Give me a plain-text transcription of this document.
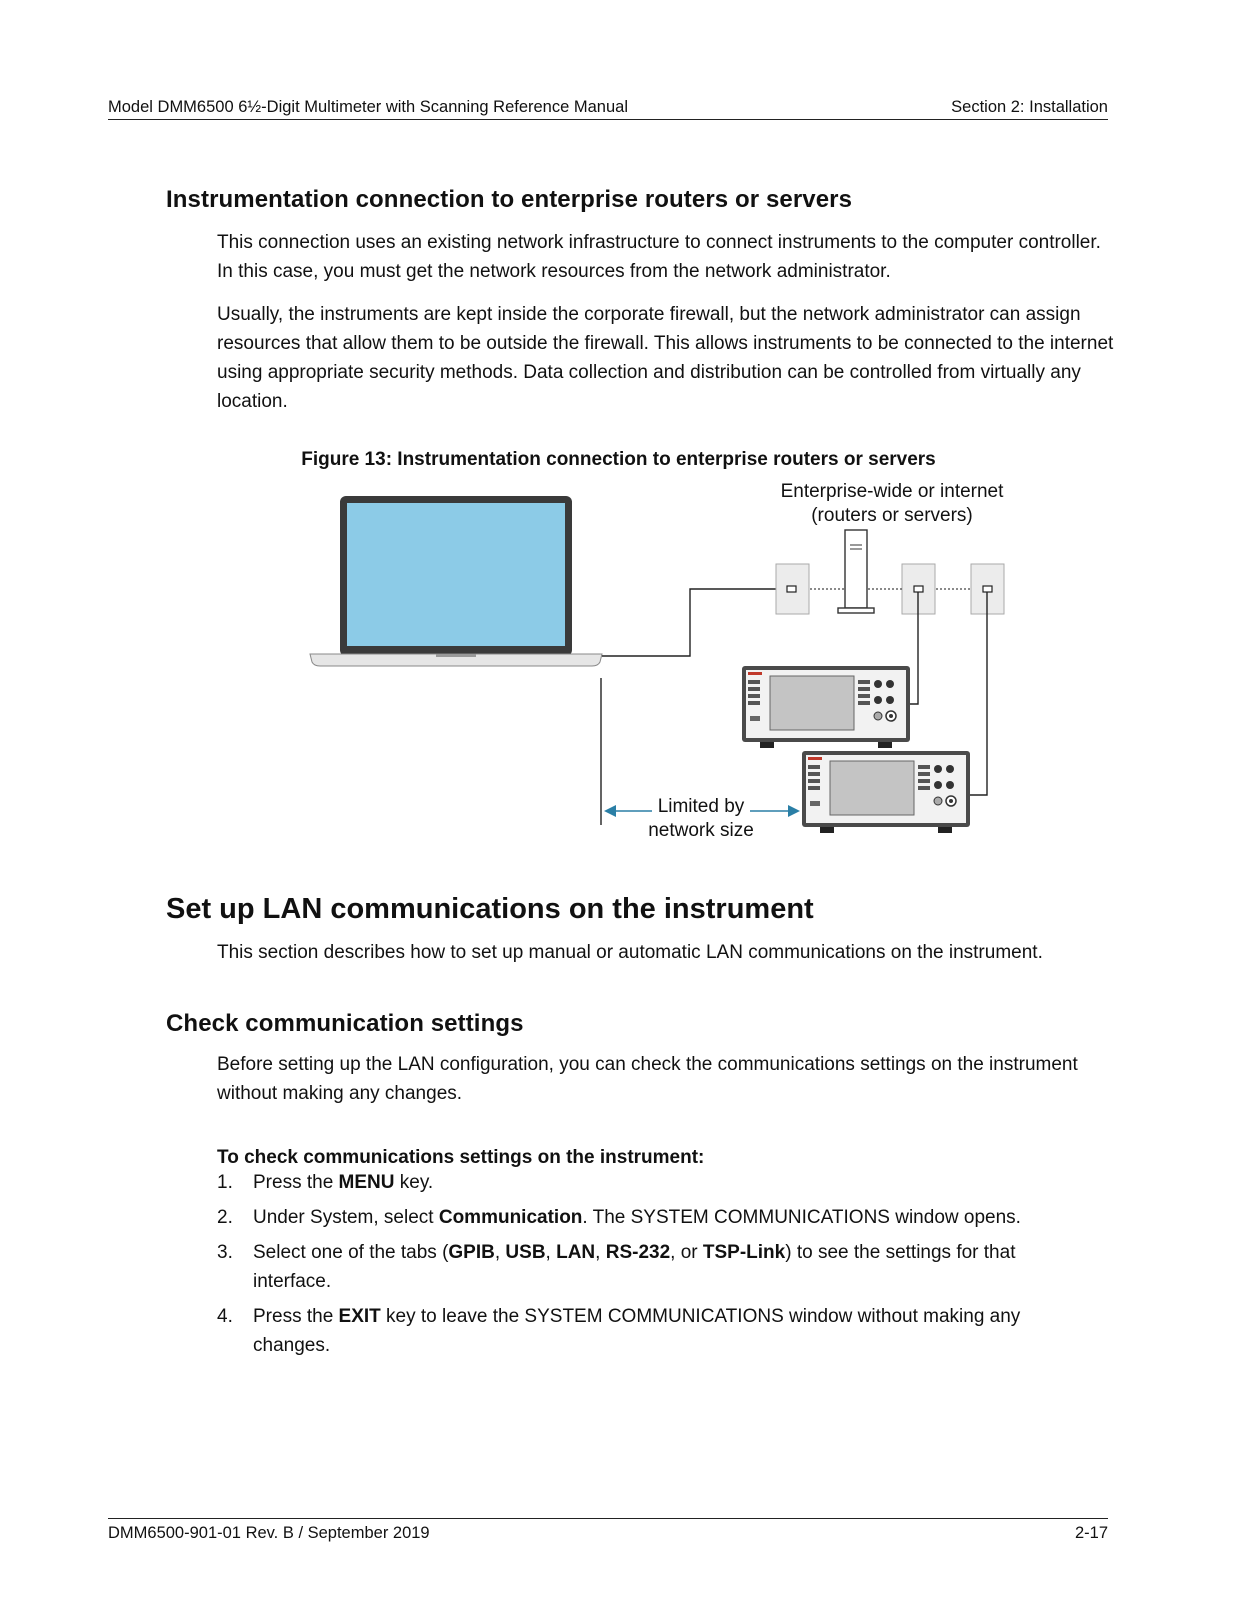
Model DMM6500 6½-Digit Multimeter with Scanning Reference Manual	Section 2: Installation
Instrumentation connection to enterprise routers or servers

This connection uses an existing network infrastructure to connect instruments to the computer controller. In this case, you must get the network resources from the network administrator.

Usually, the instruments are kept inside the corporate firewall, but the network administrator can assign resources that allow them to be outside the firewall. This allows instruments to be connected to the internet using appropriate security methods. Data collection and distribution can be controlled from virtually any location.

Figure 13: Instrumentation connection to enterprise routers or servers
Enterprise-wide or internet
(routers or servers)
Limited by
network size
Set up LAN communications on the instrument

This section describes how to set up manual or automatic LAN communications on the instrument.

Check communication settings

Before setting up the LAN configuration, you can check the communications settings on the instrument without making any changes.

To check communications settings on the instrument:
1. Press the MENU key.
2. Under System, select Communication. The SYSTEM COMMUNICATIONS window opens.
3. Select one of the tabs (GPIB, USB, LAN, RS-232, or TSP-Link) to see the settings for that interface.
4. Press the EXIT key to leave the SYSTEM COMMUNICATIONS window without making any changes.
DMM6500-901-01 Rev. B / September 2019	2-17
